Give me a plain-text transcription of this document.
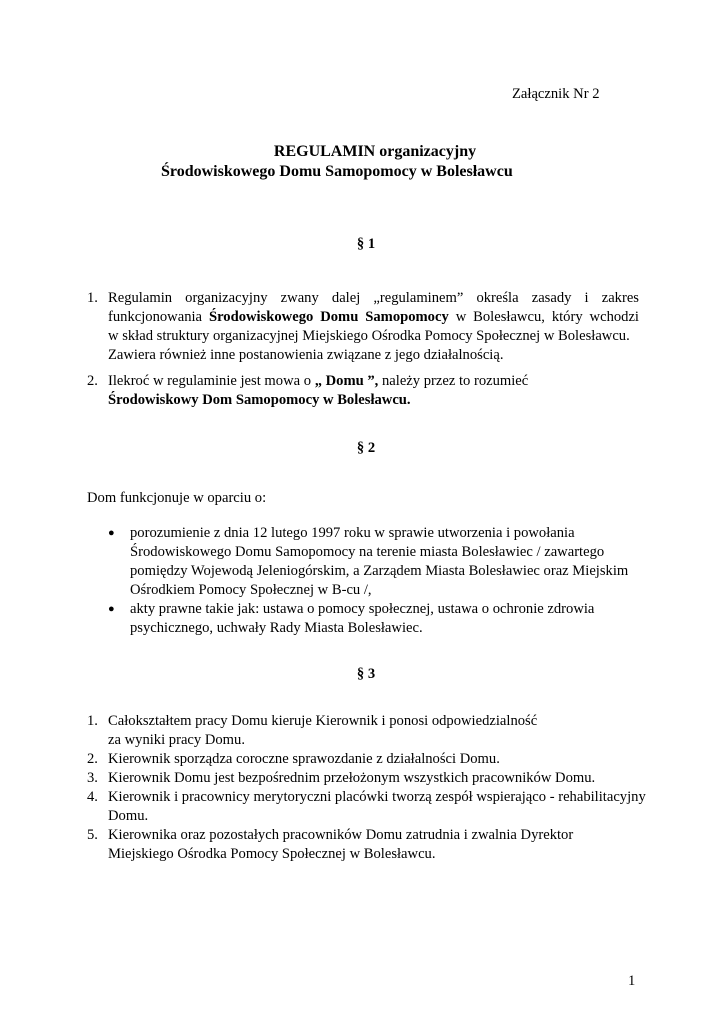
Załącznik Nr 2
REGULAMIN organizacyjny
Środowiskowego Domu Samopomocy w Bolesławcu
§ 1
1. Regulamin organizacyjny zwany dalej „regulaminem” określa zasady i zakres
funkcjonowania Środowiskowego Domu Samopomocy w Bolesławcu, który wchodzi
w skład struktury organizacyjnej Miejskiego Ośrodka Pomocy Społecznej w Bolesławcu.
Zawiera również inne postanowienia związane z jego działalnością.
2. Ilekroć w regulaminie jest mowa o „ Domu ”, należy przez to rozumieć
Środowiskowy Dom Samopomocy w Bolesławcu.
§ 2
Dom funkcjonuje w oparciu o:
● porozumienie z dnia 12 lutego 1997 roku w sprawie utworzenia i powołania
Środowiskowego Domu Samopomocy na terenie miasta Bolesławiec / zawartego
pomiędzy Wojewodą Jeleniogórskim, a Zarządem Miasta Bolesławiec oraz Miejskim
Ośrodkiem Pomocy Społecznej w B-cu /,
● akty prawne takie jak: ustawa o pomocy społecznej, ustawa o ochronie zdrowia
psychicznego, uchwały Rady Miasta Bolesławiec.
§ 3
1. Całokształtem pracy Domu kieruje Kierownik i ponosi odpowiedzialność
za wyniki pracy Domu.
2. Kierownik sporządza coroczne sprawozdanie z działalności Domu.
3. Kierownik Domu jest bezpośrednim przełożonym wszystkich pracowników Domu.
4. Kierownik i pracownicy merytoryczni placówki tworzą zespół wspierająco - rehabilitacyjny
Domu.
5. Kierownika oraz pozostałych pracowników Domu zatrudnia i zwalnia Dyrektor
Miejskiego Ośrodka Pomocy Społecznej w Bolesławcu.
1
